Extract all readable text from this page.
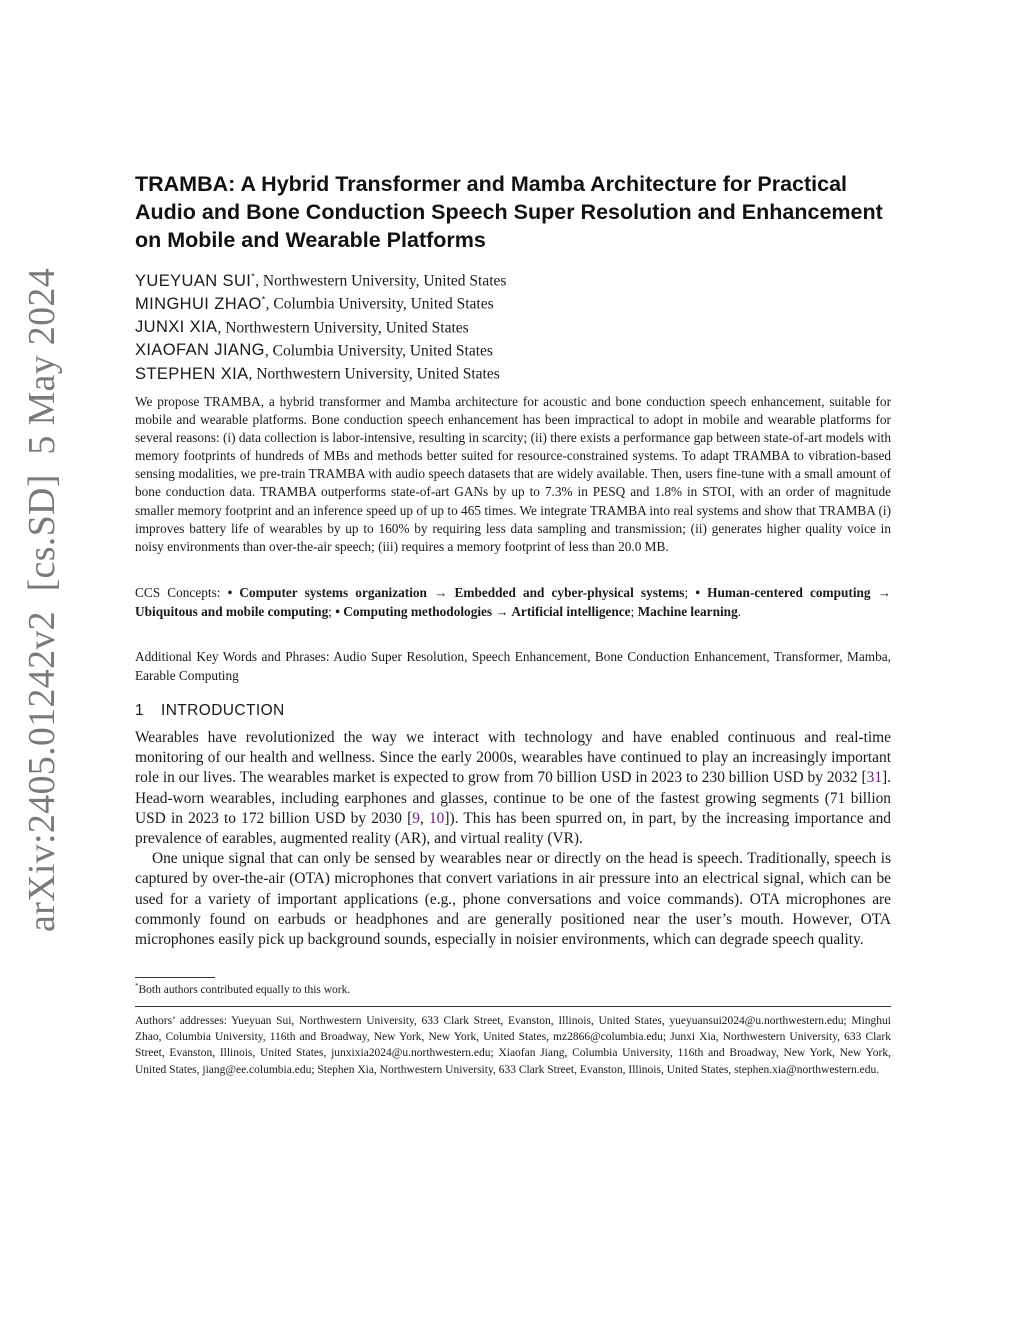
arXiv:2405.01242v2  [cs.SD]  5 May 2024
TRAMBA: A Hybrid Transformer and Mamba Architecture for Practical Audio and Bone Conduction Speech Super Resolution and Enhancement on Mobile and Wearable Platforms
YUEYUAN SUI*, Northwestern University, United States
MINGHUI ZHAO*, Columbia University, United States
JUNXI XIA, Northwestern University, United States
XIAOFAN JIANG, Columbia University, United States
STEPHEN XIA, Northwestern University, United States

We propose TRAMBA, a hybrid transformer and Mamba architecture for acoustic and bone conduction speech enhancement, suitable for mobile and wearable platforms. Bone conduction speech enhancement has been impractical to adopt in mobile and wearable platforms for several reasons: (i) data collection is labor-intensive, resulting in scarcity; (ii) there exists a performance gap between state-of-art models with memory footprints of hundreds of MBs and methods better suited for resource-constrained systems. To adapt TRAMBA to vibration-based sensing modalities, we pre-train TRAMBA with audio speech datasets that are widely available. Then, users fine-tune with a small amount of bone conduction data. TRAMBA outperforms state-of-art GANs by up to 7.3% in PESQ and 1.8% in STOI, with an order of magnitude smaller memory footprint and an inference speed up of up to 465 times. We integrate TRAMBA into real systems and show that TRAMBA (i) improves battery life of wearables by up to 160% by requiring less data sampling and transmission; (ii) generates higher quality voice in noisy environments than over-the-air speech; (iii) requires a memory footprint of less than 20.0 MB.

CCS Concepts: • Computer systems organization → Embedded and cyber-physical systems; • Human-centered computing → Ubiquitous and mobile computing; • Computing methodologies → Artificial intelligence; Machine learning.

Additional Key Words and Phrases: Audio Super Resolution, Speech Enhancement, Bone Conduction Enhancement, Transformer, Mamba, Earable Computing

1 INTRODUCTION

Wearables have revolutionized the way we interact with technology and have enabled continuous and real-time monitoring of our health and wellness. Since the early 2000s, wearables have continued to play an increasingly important role in our lives. The wearables market is expected to grow from 70 billion USD in 2023 to 230 billion USD by 2032 [31]. Head-worn wearables, including earphones and glasses, continue to be one of the fastest growing segments (71 billion USD in 2023 to 172 billion USD by 2030 [9, 10]). This has been spurred on, in part, by the increasing importance and prevalence of earables, augmented reality (AR), and virtual reality (VR).

One unique signal that can only be sensed by wearables near or directly on the head is speech. Traditionally, speech is captured by over-the-air (OTA) microphones that convert variations in air pressure into an electrical signal, which can be used for a variety of important applications (e.g., phone conversations and voice commands). OTA microphones are commonly found on earbuds or headphones and are generally positioned near the user’s mouth. However, OTA microphones easily pick up background sounds, especially in noisier environments, which can degrade speech quality.

*Both authors contributed equally to this work.

Authors’ addresses: Yueyuan Sui, Northwestern University, 633 Clark Street, Evanston, Illinois, United States, yueyuansui2024@u.northwestern.edu; Minghui Zhao, Columbia University, 116th and Broadway, New York, New York, United States, mz2866@columbia.edu; Junxi Xia, Northwestern University, 633 Clark Street, Evanston, Illinois, United States, junxixia2024@u.northwestern.edu; Xiaofan Jiang, Columbia University, 116th and Broadway, New York, New York, United States, jiang@ee.columbia.edu; Stephen Xia, Northwestern University, 633 Clark Street, Evanston, Illinois, United States, stephen.xia@northwestern.edu.
